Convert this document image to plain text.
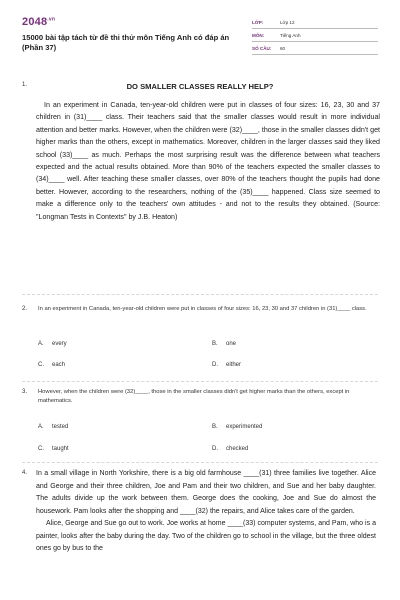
$2048^{.vn}$
15000 bài tập tách từ đề thi thử môn Tiếng Anh có đáp án (Phần 37)
LỚP:	Lớp 12
MÔN:	Tiếng Anh
SỐ CÂU:	60
1.	DO SMALLER CLASSES REALLY HELP?
In an experiment in Canada, ten-year-old children were put in classes of four sizes: 16, 23, 30 and 37 children in (31)____ class. Their teachers said that the smaller classes would result in more individual attention and better marks. However, when the children were (32)____, those in the smaller classes didn't get higher marks than the others, except in mathematics. Moreover, children in the larger classes said they liked school (33)____ as much. Perhaps the most surprising result was the difference between what teachers expected and the actual results obtained. More than 90% of the teachers expected the smaller classes to (34)____ well. After teaching these smaller classes, over 80% of the teachers thought the pupils had done better. However, according to the researchers, nothing of the (35)____ happened. Class size seemed to make a difference only to the teachers' own attitudes - and not to the results they obtained. (Source: "Longman Tests in Contexts" by J.B. Heaton)
2. In an experiment in Canada, ten-year-old children were put in classes of four sizes: 16, 23, 30 and 37 children in (31)____ class.
A. every	B. one
C. each	D. either
3. However, when the children were (32)____, those in the smaller classes didn't get higher marks than the others, except in mathematics.
A. tested	B. experimented
C. taught	D. checked
4. In a small village in North Yorkshire, there is a big old farmhouse ____(31) three families live together. Alice and George and their three children, Joe and Pam and their two children, and Sue and her baby daughter. The adults divide up the work between them. George does the cooking, Joe and Sue do almost the housework. Pam looks after the shopping and ____(32) the repairs, and Alice takes care of the garden.
Alice, George and Sue go out to work. Joe works at home ____(33) computer systems, and Pam, who is a painter, looks after the baby during the day. Two of the children go to school in the village, but the three oldest ones go by bus to the
